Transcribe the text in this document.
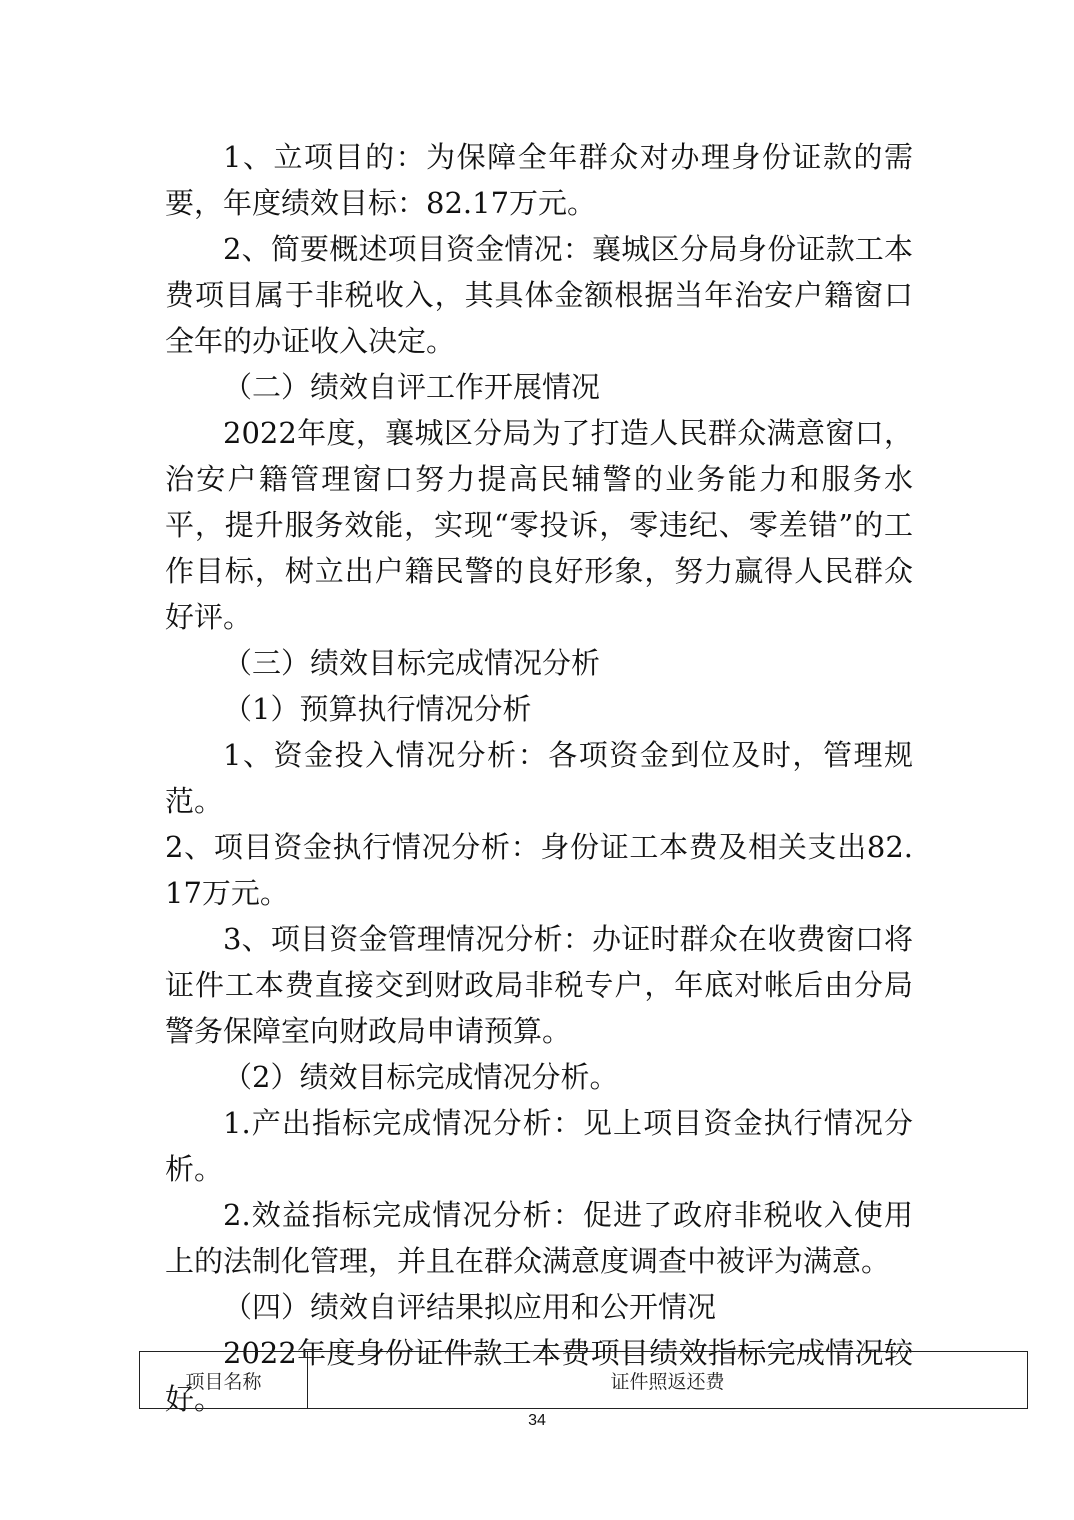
1、立项目的：为保障全年群众对办理身份证款的需要，年度绩效目标：82.17万元。

2、简要概述项目资金情况：襄城区分局身份证款工本费项目属于非税收入，其具体金额根据当年治安户籍窗口全年的办证收入决定。

（二）绩效自评工作开展情况

2022年度，襄城区分局为了打造人民群众满意窗口，治安户籍管理窗口努力提高民辅警的业务能力和服务水平，提升服务效能，实现“零投诉，零违纪、零差错”的工作目标，树立出户籍民警的良好形象，努力赢得人民群众好评。

（三）绩效目标完成情况分析

（1）预算执行情况分析

1、资金投入情况分析：各项资金到位及时，管理规范。

2、项目资金执行情况分析：身份证工本费及相关支出82.17万元。

3、项目资金管理情况分析：办证时群众在收费窗口将证件工本费直接交到财政局非税专户，年底对帐后由分局警务保障室向财政局申请预算。

（2）绩效目标完成情况分析。

1.产出指标完成情况分析：见上项目资金执行情况分析。

2.效益指标完成情况分析：促进了政府非税收入使用上的法制化管理，并且在群众满意度调查中被评为满意。

（四）绩效自评结果拟应用和公开情况

2022年度身份证件款工本费项目绩效指标完成情况较好。

项目名称	证件照返还费
34
